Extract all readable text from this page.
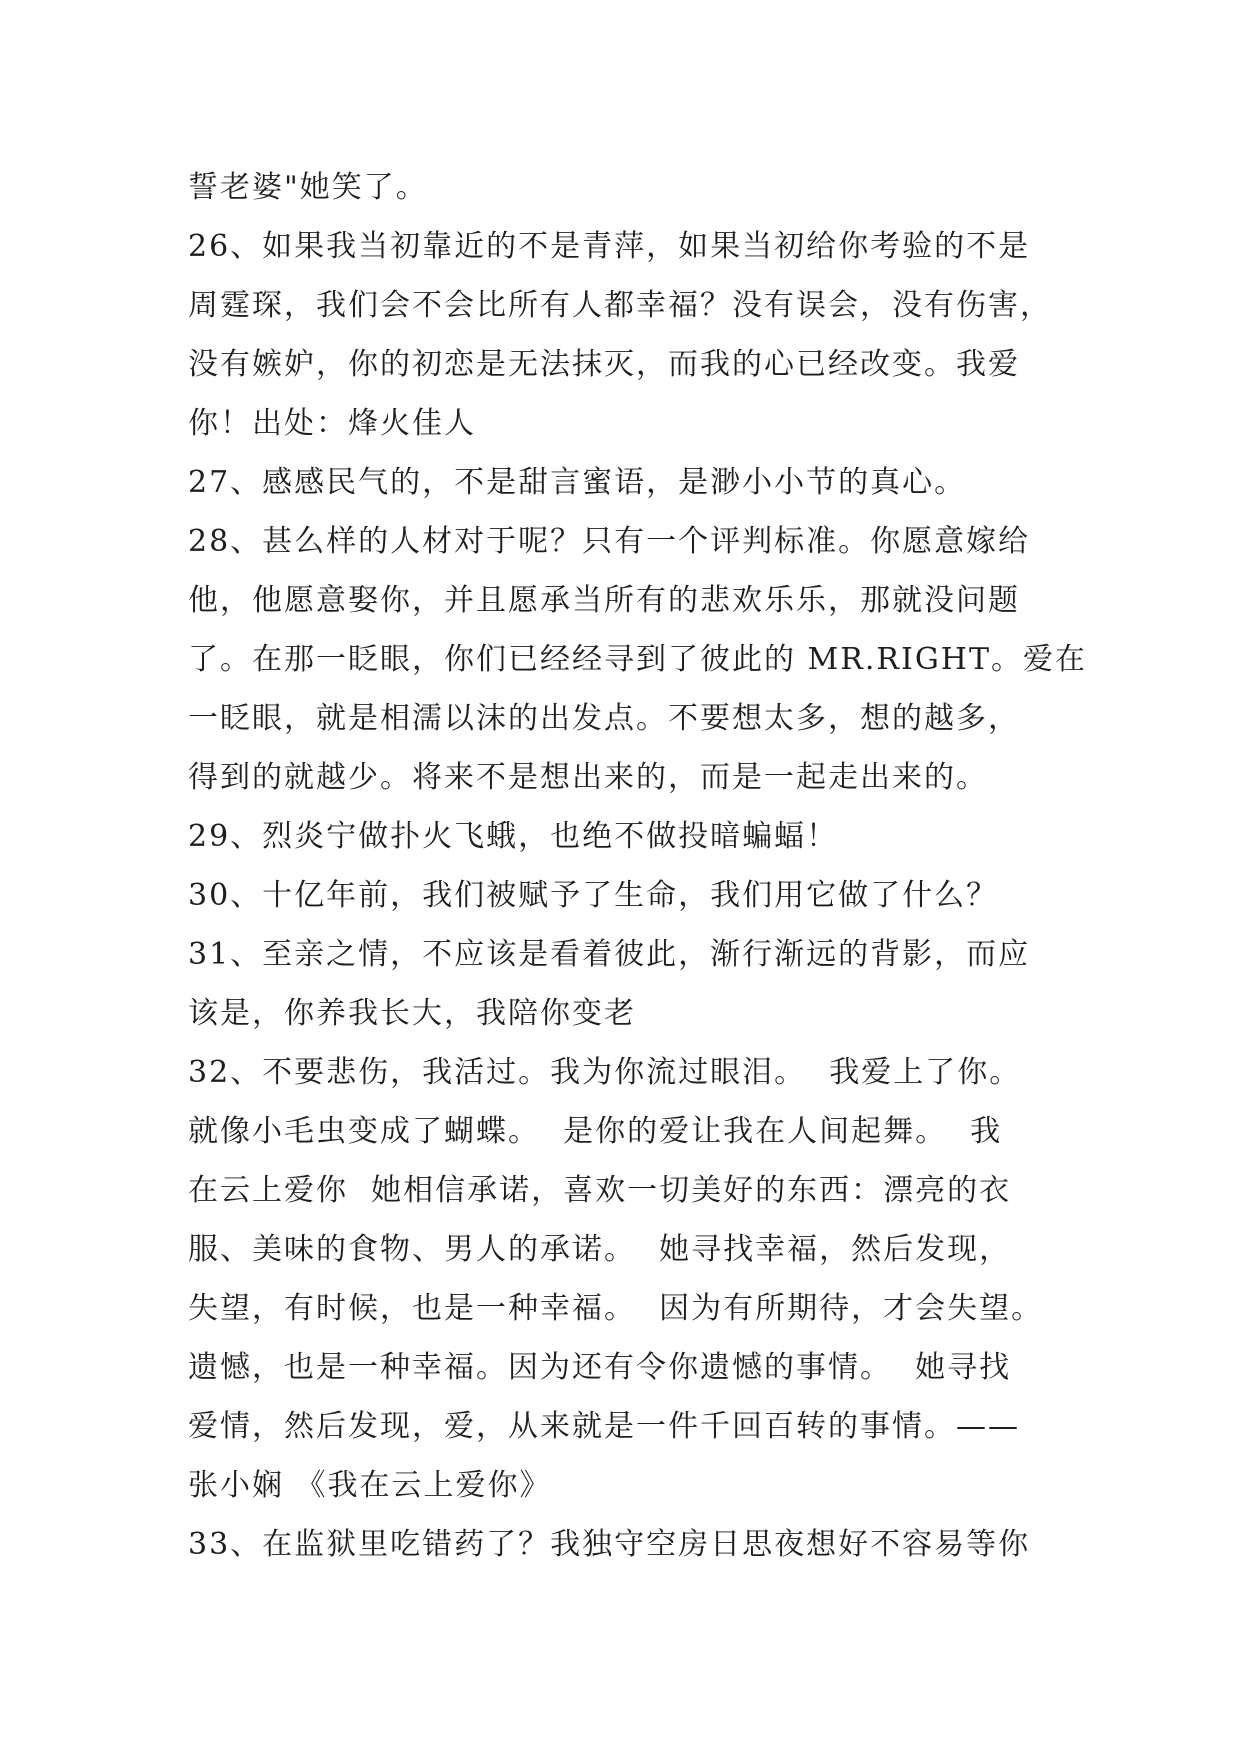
誓老婆"她笑了。
26、如果我当初靠近的不是青萍，如果当初给你考验的不是
周霆琛，我们会不会比所有人都幸福？没有误会，没有伤害，
没有嫉妒，你的初恋是无法抹灭，而我的心已经改变。我爱
你！出处：烽火佳人
27、感感民气的，不是甜言蜜语，是渺小小节的真心。
28、甚么样的人材对于呢？只有一个评判标准。你愿意嫁给
他，他愿意娶你，并且愿承当所有的悲欢乐乐，那就没问题
了。在那一眨眼，你们已经经寻到了彼此的 MR.RIGHT。爱在
一眨眼，就是相濡以沫的出发点。不要想太多，想的越多，
得到的就越少。将来不是想出来的，而是一起走出来的。
29、烈炎宁做扑火飞蛾，也绝不做投暗蝙蝠！
30、十亿年前，我们被赋予了生命，我们用它做了什么？
31、至亲之情，不应该是看着彼此，渐行渐远的背影，而应
该是，你养我长大，我陪你变老
32、不要悲伤，我活过。我为你流过眼泪。  我爱上了你。
就像小毛虫变成了蝴蝶。  是你的爱让我在人间起舞。  我
在云上爱你  她相信承诺，喜欢一切美好的东西：漂亮的衣
服、美味的食物、男人的承诺。  她寻找幸福，然后发现，
失望，有时候，也是一种幸福。  因为有所期待，才会失望。
遗憾，也是一种幸福。因为还有令你遗憾的事情。  她寻找
爱情，然后发现，爱，从来就是一件千回百转的事情。——
张小娴 《我在云上爱你》
33、在监狱里吃错药了？我独守空房日思夜想好不容易等你
